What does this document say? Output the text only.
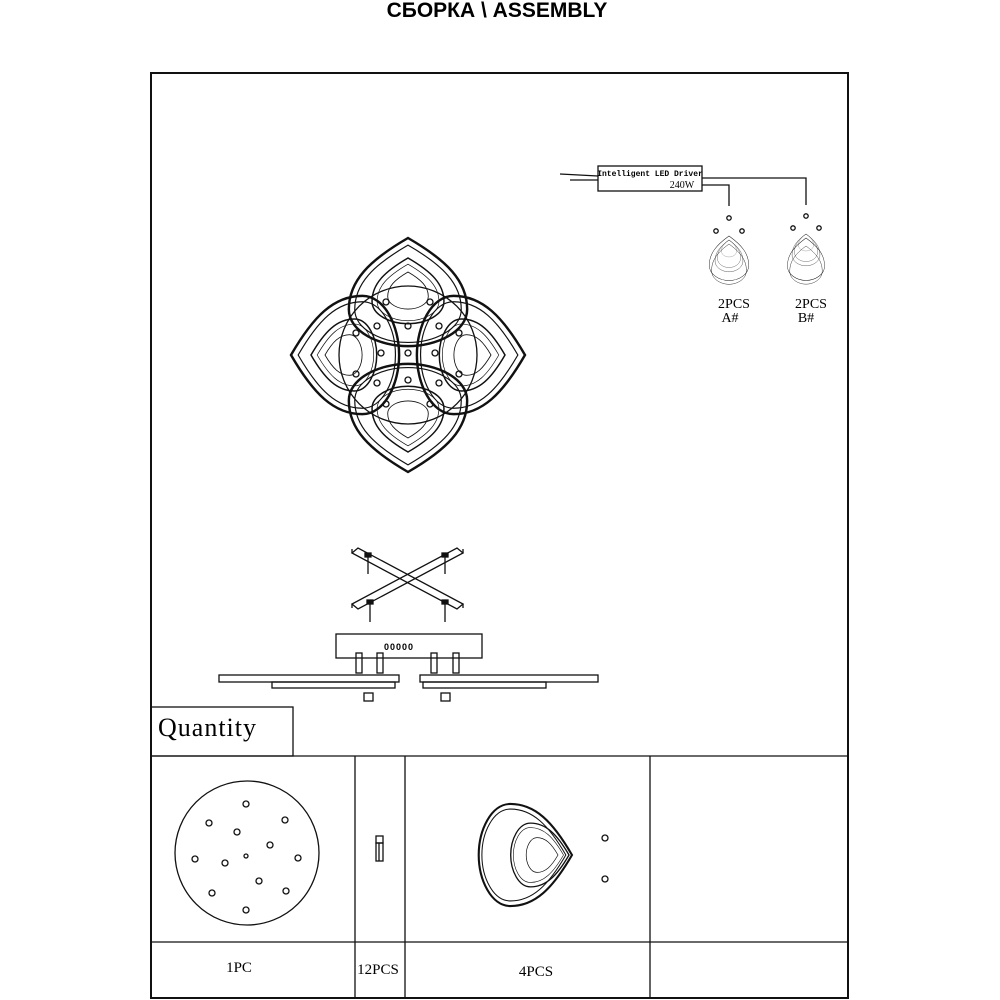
СБОРКА \ ASSEMBLY
Intelligent LED Driver
240W
2PCS
A#
2PCS
B#
00000
Quantity
1PC	12PCS	4PCS
